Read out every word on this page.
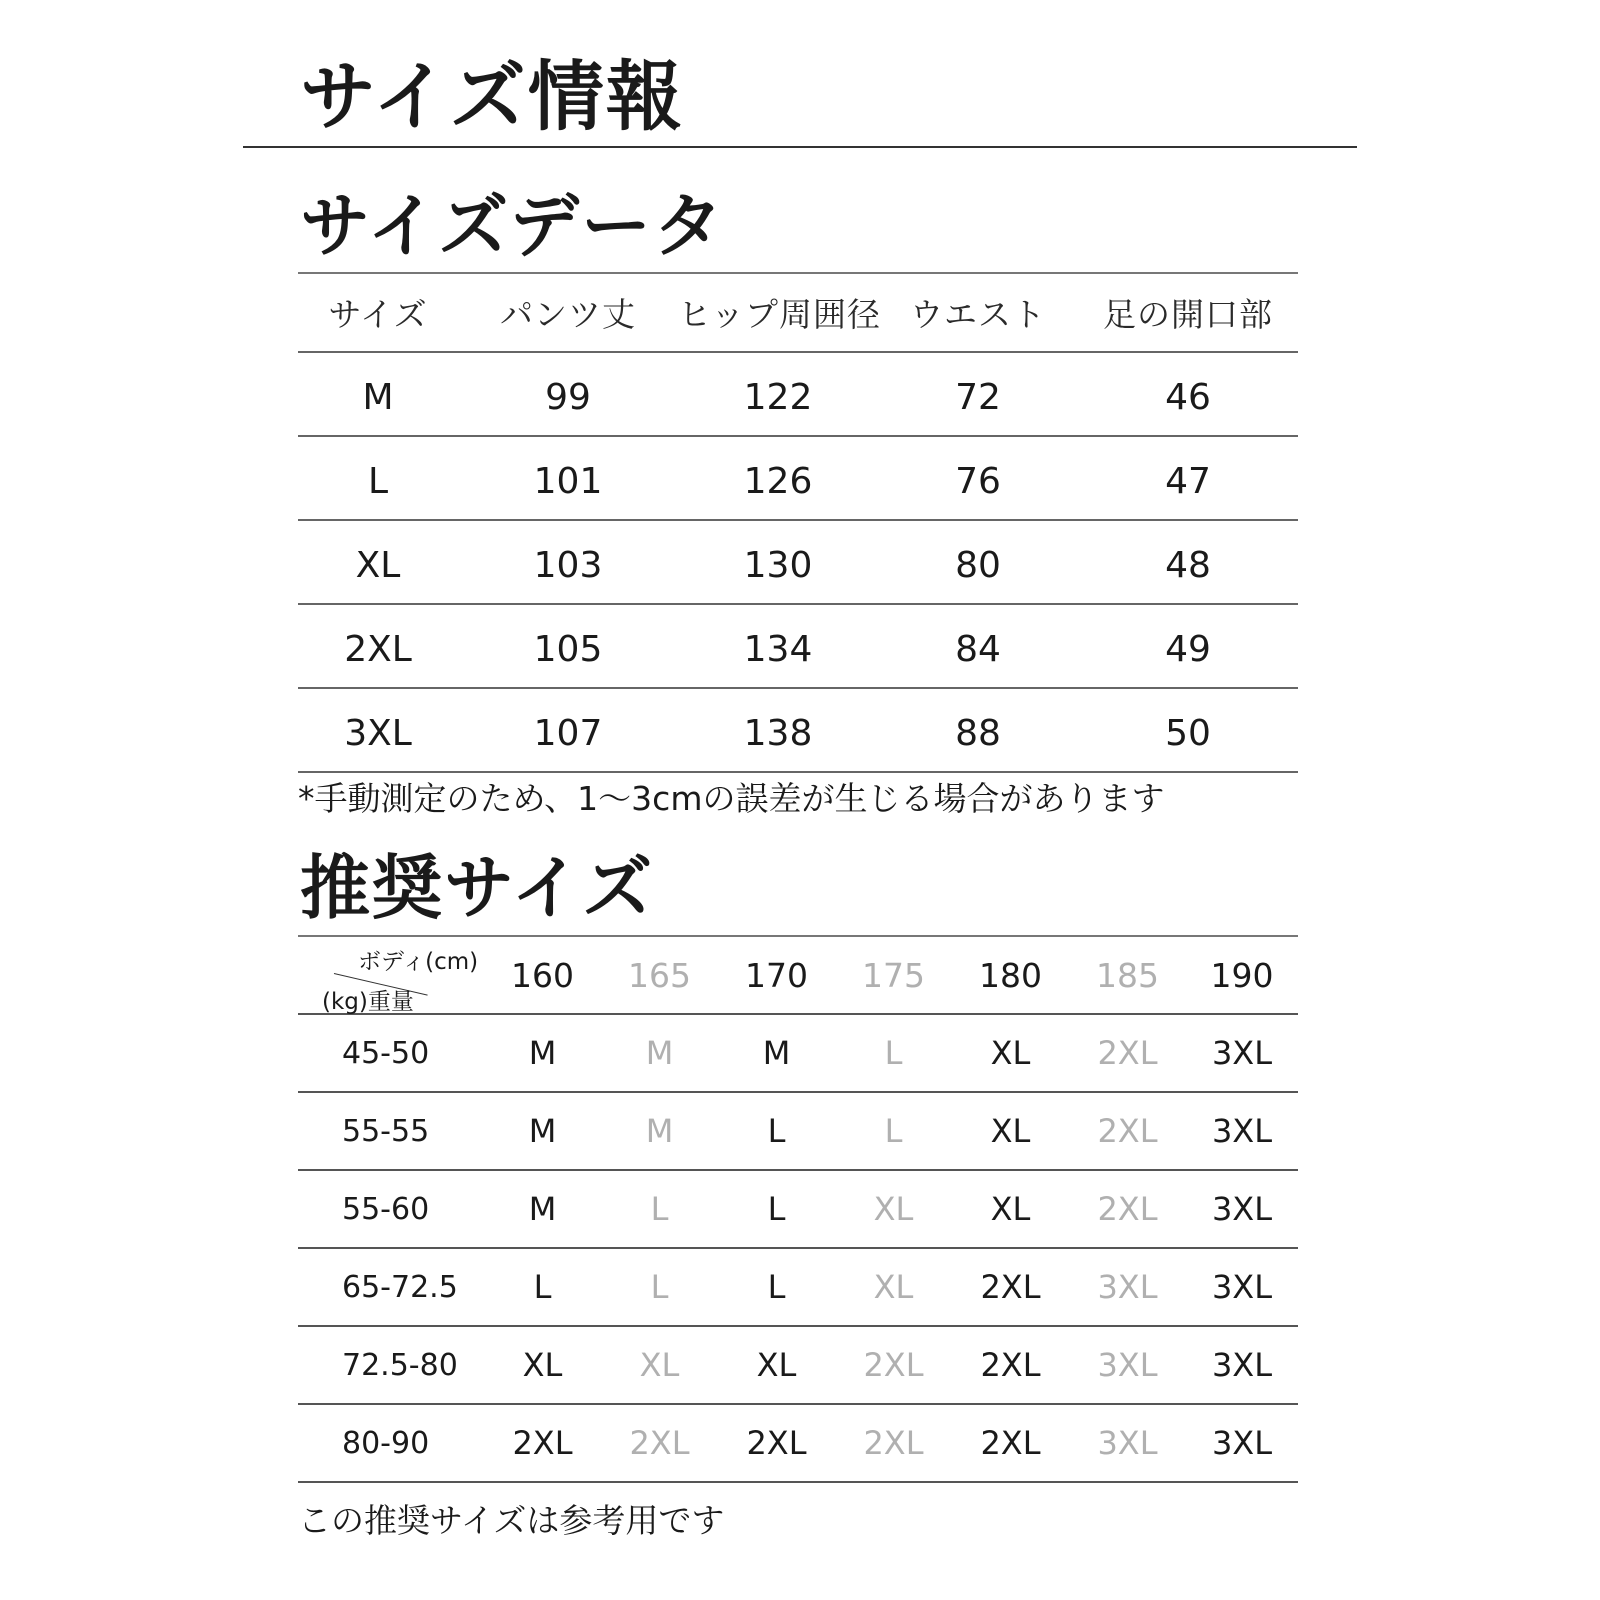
サイズ情報
サイズデータ
サイズ	パンツ丈	ヒップ周囲径	ウエスト	足の開口部
M	99	122	72	46
L	101	126	76	47
XL	103	130	80	48
2XL	105	134	84	49
3XL	107	138	88	50

*手動測定のため、1～3cmの誤差が生じる場合があります

推奨サイズ
ボディ(cm)
(kg)重量	160	165	170	175	180	185	190
45-50	M	M	M	L	XL	2XL	3XL
55-55	M	M	L	L	XL	2XL	3XL
55-60	M	L	L	XL	XL	2XL	3XL
65-72.5	L	L	L	XL	2XL	3XL	3XL
72.5-80	XL	XL	XL	2XL	2XL	3XL	3XL
80-90	2XL	2XL	2XL	2XL	2XL	3XL	3XL

この推奨サイズは参考用です
